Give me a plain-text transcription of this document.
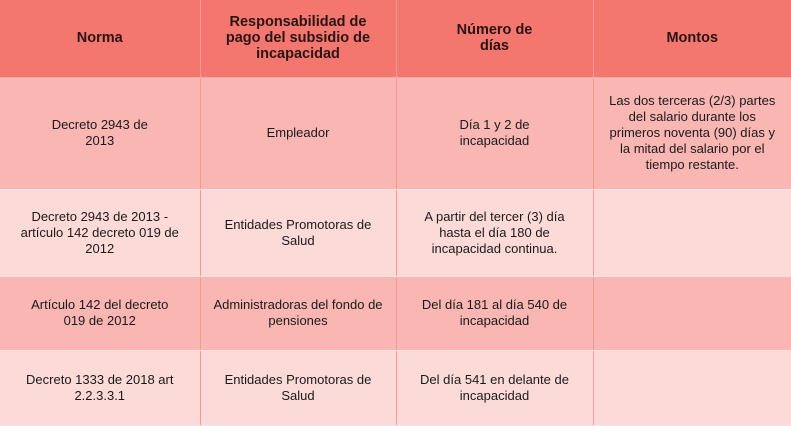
Norma	Responsabilidad de pago del subsidio de incapacidad	Número de días	Montos
Decreto 2943 de 2013	Empleador	Día 1 y 2 de incapacidad	Las dos terceras (2/3) partes del salario durante los primeros noventa (90) días y la mitad del salario por el tiempo restante.
Decreto 2943 de 2013 - artículo 142 decreto 019 de 2012	Entidades Promotoras de Salud	A partir del tercer (3) día hasta el día 180 de incapacidad continua.	
Artículo 142 del decreto 019 de 2012	Administradoras del fondo de pensiones	Del día 181 al día 540 de incapacidad	
Decreto 1333 de 2018 art 2.2.3.3.1	Entidades Promotoras de Salud	Del día 541 en delante de incapacidad	
